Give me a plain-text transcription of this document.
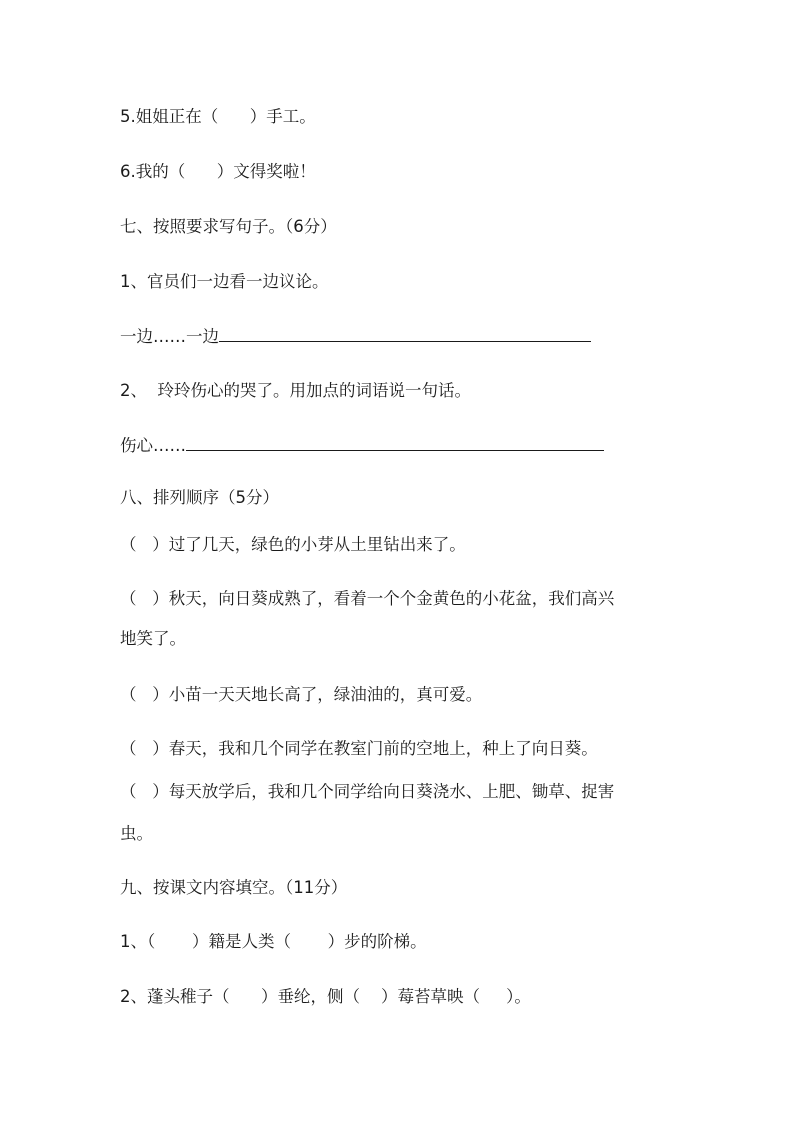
5.姐姐正在（      ）手工。

6.我的（      ）文得奖啦！

七、按照要求写句子。（6分）

1、官员们一边看一边议论。

一边……一边

2、  玲玲伤心的哭了。用加点的词语说一句话。

伤心……

八、排列顺序（5分）

（   ）过了几天，绿色的小芽从土里钻出来了。

（   ）秋天，向日葵成熟了，看着一个个金黄色的小花盆，我们高兴

地笑了。

（   ）小苗一天天地长高了，绿油油的，真可爱。

（   ）春天，我和几个同学在教室门前的空地上，种上了向日葵。

（   ）每天放学后，我和几个同学给向日葵浇水、上肥、锄草、捉害

虫。

九、按课文内容填空。（11分）

1、（       ）籍是人类（       ）步的阶梯。

2、蓬头稚子（      ）垂纶，侧（    ）莓苔草映（     ）。
